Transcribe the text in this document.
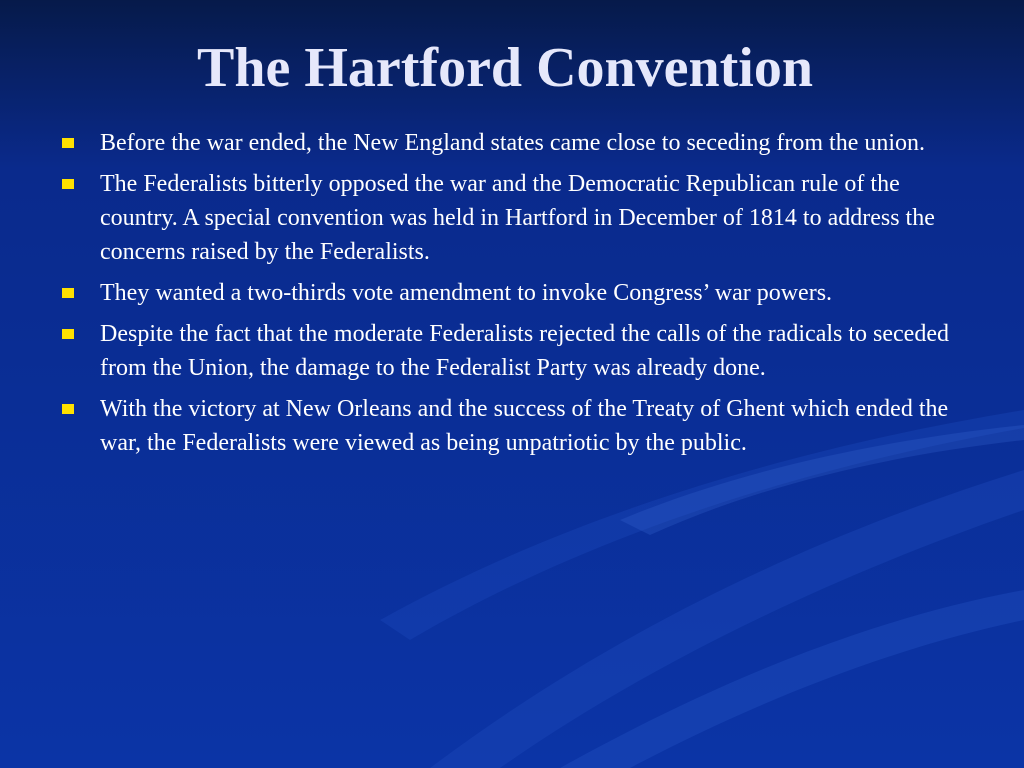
The Hartford Convention
Before the war ended, the New England states came close to seceding from the union.
The Federalists bitterly opposed the war and the Democratic Republican rule of the country. A special convention was held in Hartford in December of 1814 to address the concerns raised by the Federalists.
They wanted a two-thirds vote amendment to invoke Congress’ war powers.
Despite the fact that the moderate Federalists rejected the calls of the radicals to seceded from the Union, the damage to the Federalist Party was already done.
With the victory at New Orleans and the success of the Treaty of Ghent which ended the war, the Federalists were viewed as being unpatriotic by the public.
